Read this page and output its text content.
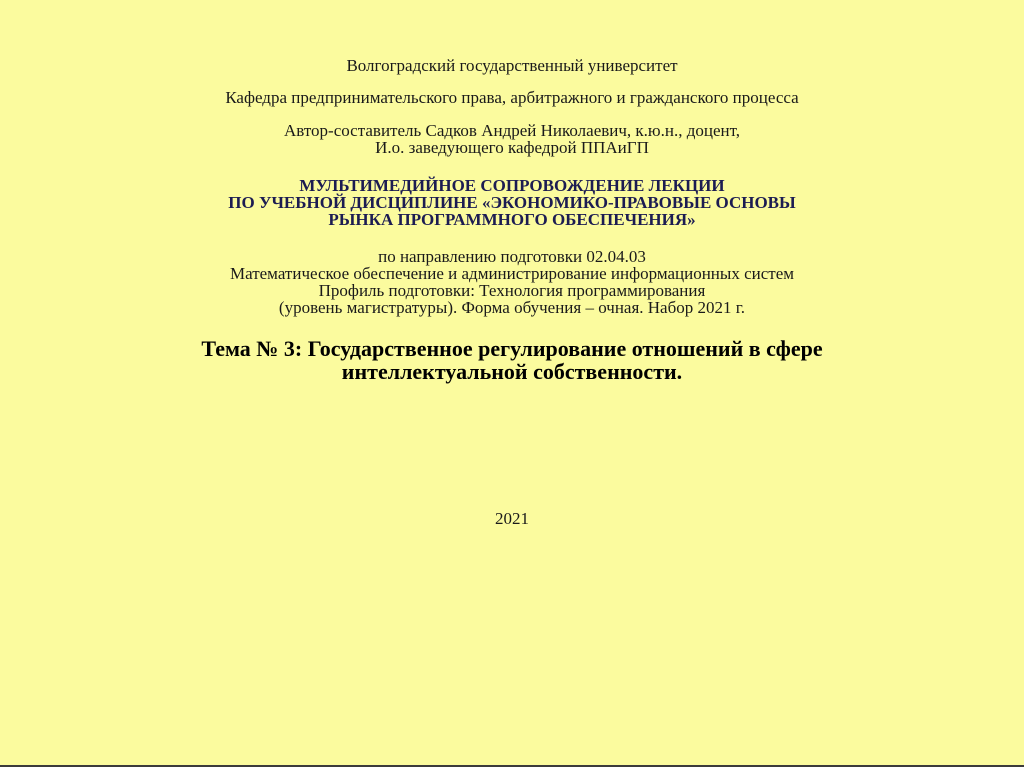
Волгоградский государственный университет
Кафедра предпринимательского права, арбитражного и гражданского процесса
Автор-составитель Садков Андрей Николаевич, к.ю.н., доцент,
И.о. заведующего кафедрой ППАиГП
МУЛЬТИМЕДИЙНОЕ СОПРОВОЖДЕНИЕ ЛЕКЦИИ
ПО УЧЕБНОЙ ДИСЦИПЛИНЕ «ЭКОНОМИКО-ПРАВОВЫЕ ОСНОВЫ
РЫНКА ПРОГРАММНОГО ОБЕСПЕЧЕНИЯ»
по направлению подготовки 02.04.03
Математическое обеспечение и администрирование информационных систем
Профиль подготовки: Технология программирования
(уровень магистратуры). Форма обучения – очная. Набор 2021 г.
Тема № 3: Государственное регулирование отношений в сфере
интеллектуальной собственности.
2021
